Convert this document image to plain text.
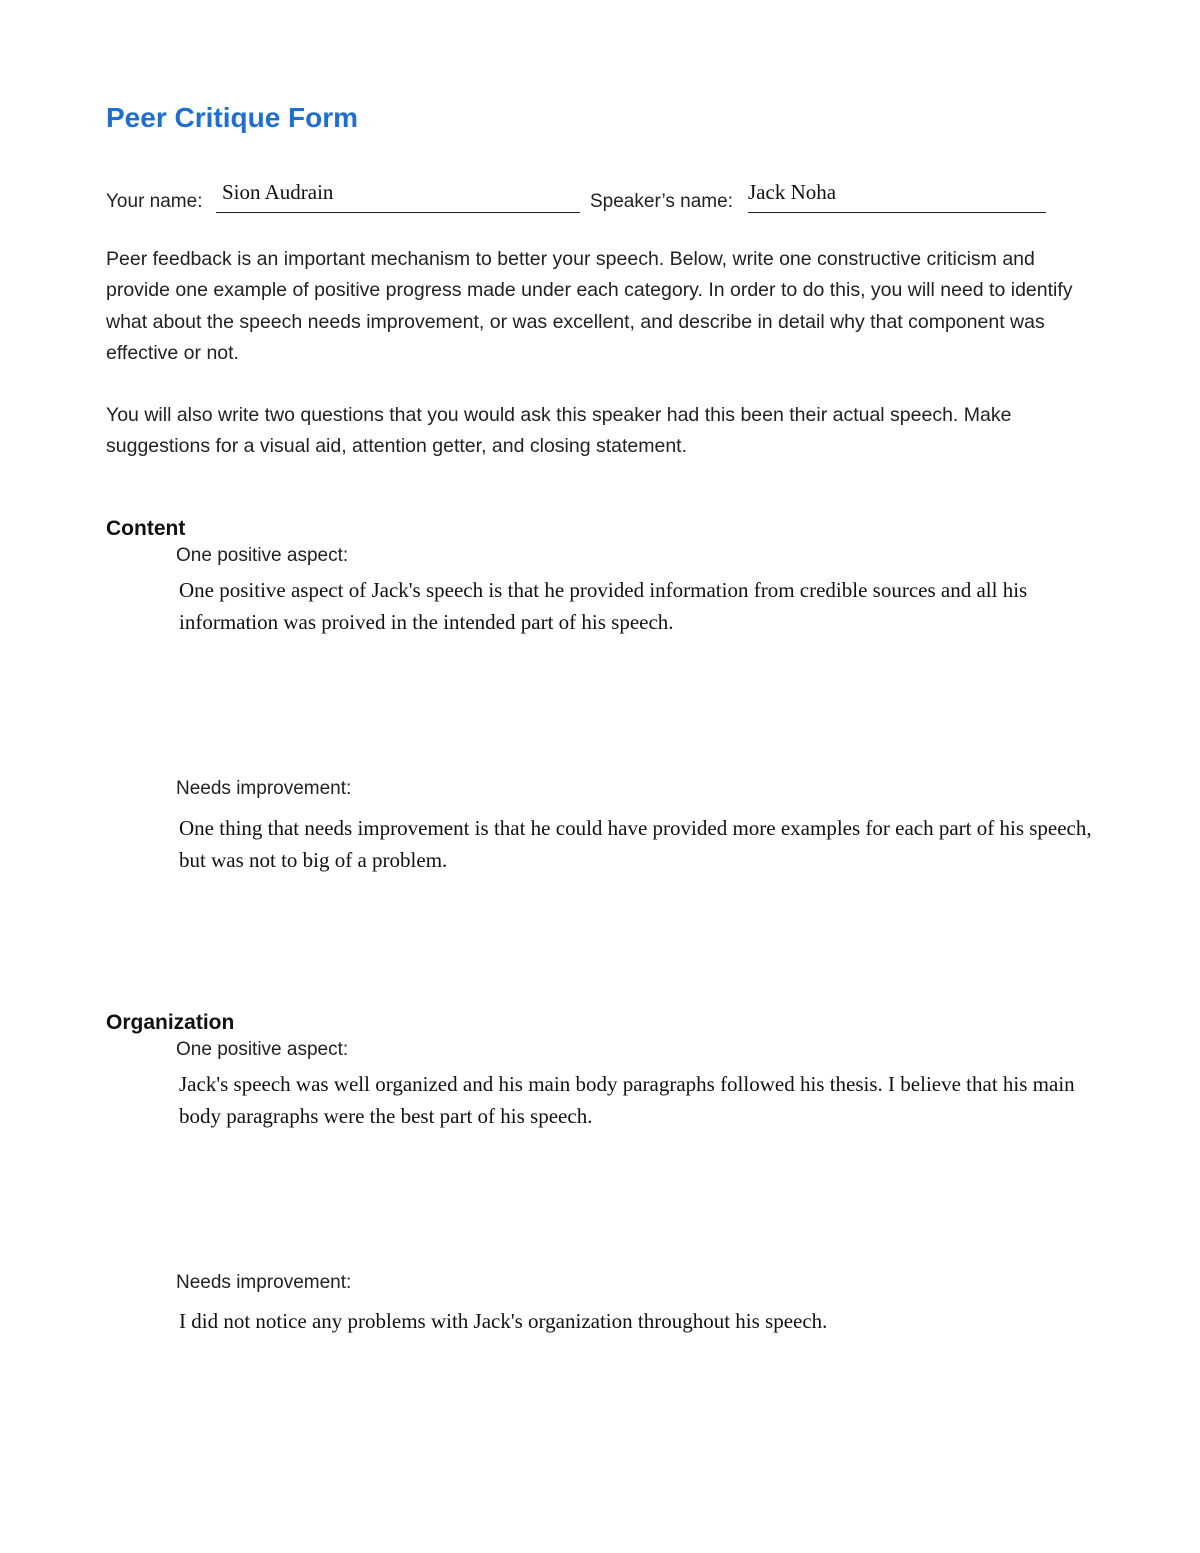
Peer Critique Form
Your name: Sion Audrain	Speaker’s name: Jack Noha

Peer feedback is an important mechanism to better your speech. Below, write one constructive criticism and provide one example of positive progress made under each category. In order to do this, you will need to identify what about the speech needs improvement, or was excellent, and describe in detail why that component was effective or not.

You will also write two questions that you would ask this speaker had this been their actual speech. Make suggestions for a visual aid, attention getter, and closing statement.

Content

One positive aspect:

One positive aspect of Jack's speech is that he provided information from credible sources and all his information was proived in the intended part of his speech.

Needs improvement:

One thing that needs improvement is that he could have provided more examples for each part of his speech, but was not to big of a problem.

Organization

One positive aspect:

Jack's speech was well organized and his main body paragraphs followed his thesis. I believe that his main body paragraphs were the best part of his speech.

Needs improvement:

I did not notice any problems with Jack's organization throughout his speech.
